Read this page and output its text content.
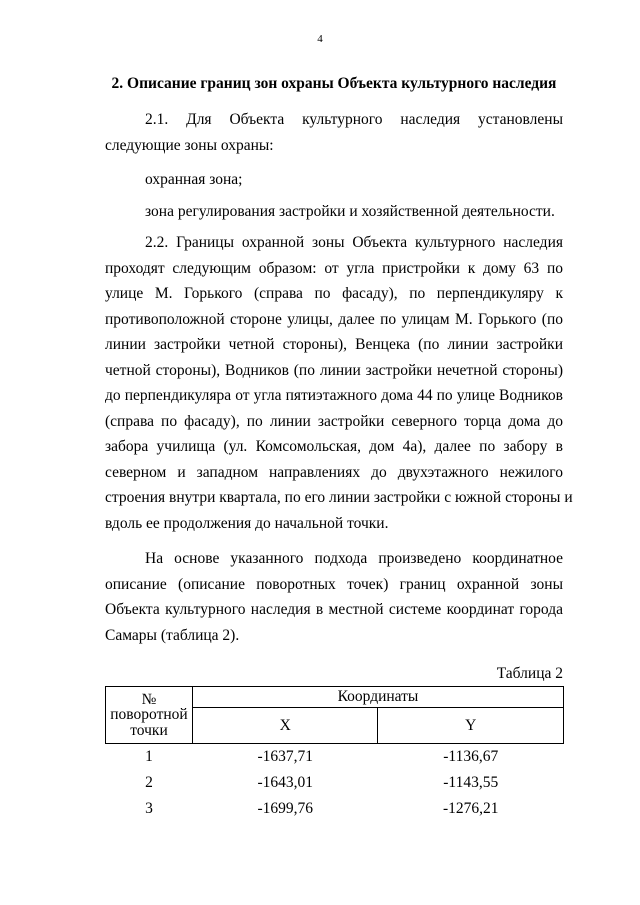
4
2. Описание границ зон охраны Объекта культурного наследия
2.1. Для Объекта культурного наследия установлены
следующие зоны охраны:
охранная зона;
зона регулирования застройки и хозяйственной деятельности.
2.2. Границы охранной зоны Объекта культурного наследия
проходят следующим образом: от угла пристройки к дому 63 по
улице М. Горького (справа по фасаду), по перпендикуляру к
противоположной стороне улицы, далее по улицам М. Горького (по
линии застройки четной стороны), Венцека (по линии застройки
четной стороны), Водников (по линии застройки нечетной стороны)
до перпендикуляра от угла пятиэтажного дома 44 по улице Водников
(справа по фасаду), по линии застройки северного торца дома до
забора училища (ул. Комсомольская, дом 4а), далее по забору в
северном и западном направлениях до двухэтажного нежилого
строения внутри квартала, по его линии застройки с южной стороны и
вдоль ее продолжения до начальной точки.
На основе указанного подхода произведено координатное
описание (описание поворотных точек) границ охранной зоны
Объекта культурного наследия в местной системе координат города
Самары (таблица 2).
Таблица 2
№
поворотной
точки	Координаты	
	X	Y
1	-1637,71	-1136,67
2	-1643,01	-1143,55
3	-1699,76	-1276,21
